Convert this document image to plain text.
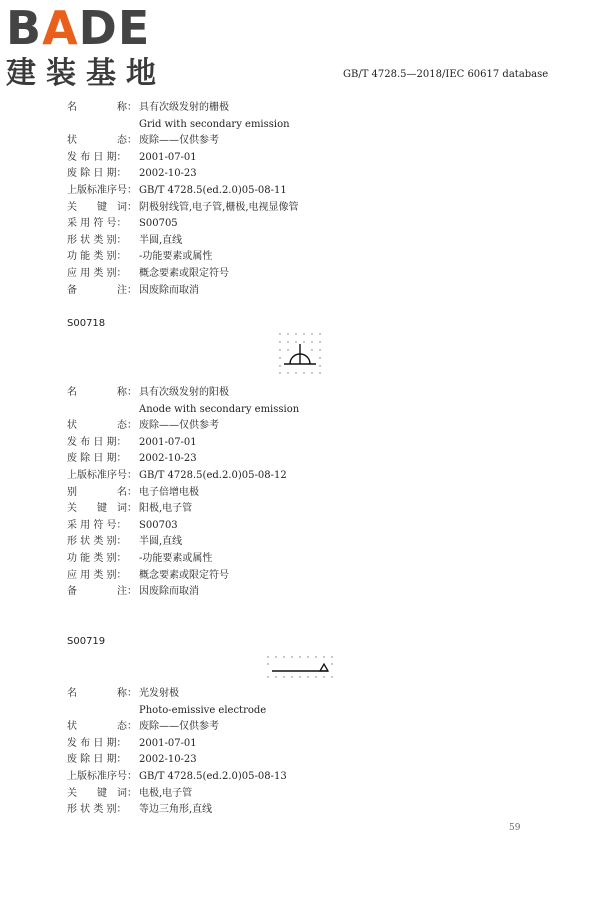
BADE
建装基地	GB/T 4728.5—2018/IEC 60617 database
名　　　　称： 具有次级发射的栅极
Grid with secondary emission
状　　　　态： 废除——仅供参考
发 布 日 期： 2001-07-01
废 除 日 期： 2002-10-23
上版标准序号： GB/T 4728.5(ed.2.0)05-08-11
关　　键　词： 阴极射线管,电子管,栅极,电视显像管
采 用 符 号： S00705
形 状 类 别： 半圆,直线
功 能 类 别： -功能要素或属性
应 用 类 别： 概念要素或限定符号
备　　　　注： 因废除而取消
S00718
名　　　　称： 具有次级发射的阳极
Anode with secondary emission
状　　　　态： 废除——仅供参考
发 布 日 期： 2001-07-01
废 除 日 期： 2002-10-23
上版标准序号： GB/T 4728.5(ed.2.0)05-08-12
别　　　　名： 电子倍增电极
关　　键　词： 阳极,电子管
采 用 符 号： S00703
形 状 类 别： 半圆,直线
功 能 类 别： -功能要素或属性
应 用 类 别： 概念要素或限定符号
备　　　　注： 因废除而取消
S00719
名　　　　称： 光发射极
Photo-emissive electrode
状　　　　态： 废除——仅供参考
发 布 日 期： 2001-07-01
废 除 日 期： 2002-10-23
上版标准序号： GB/T 4728.5(ed.2.0)05-08-13
关　　键　词： 电极,电子管
形 状 类 别： 等边三角形,直线
59
